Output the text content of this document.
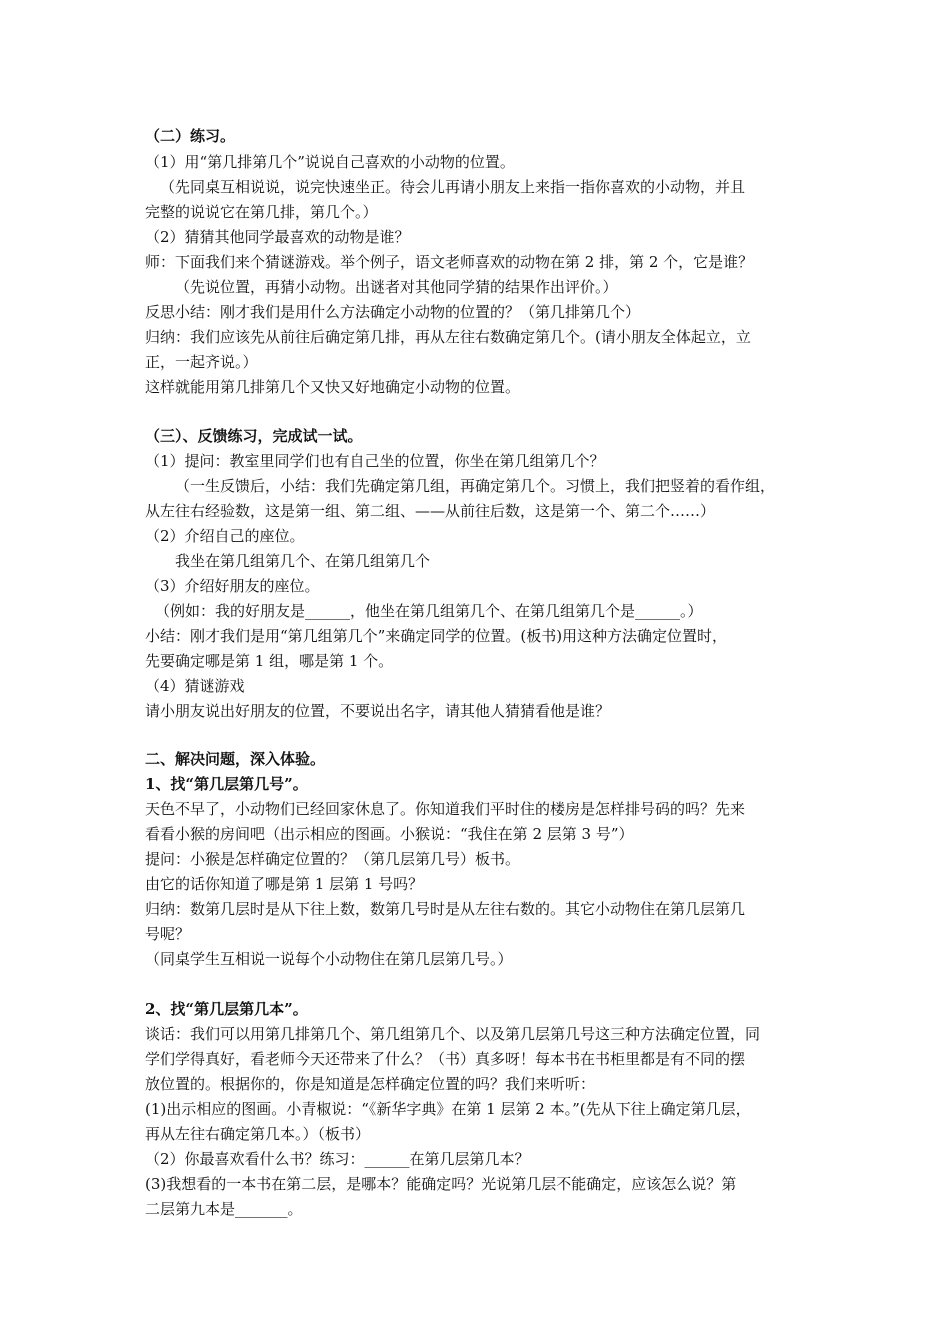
（二）练习。
（1）用“第几排第几个”说说自己喜欢的小动物的位置。
（先同桌互相说说，说完快速坐正。待会儿再请小朋友上来指一指你喜欢的小动物，并且
完整的说说它在第几排，第几个。）
（2）猜猜其他同学最喜欢的动物是谁？
师：下面我们来个猜谜游戏。举个例子，语文老师喜欢的动物在第 2 排，第 2 个，它是谁？
（先说位置，再猜小动物。出谜者对其他同学猜的结果作出评价。）
反思小结：刚才我们是用什么方法确定小动物的位置的？（第几排第几个）
归纳：我们应该先从前往后确定第几排，再从左往右数确定第几个。(请小朋友全体起立，立
正，一起齐说。）
这样就能用第几排第几个又快又好地确定小动物的位置。
（三）、反馈练习，完成试一试。
（1）提问：教室里同学们也有自己坐的位置，你坐在第几组第几个？
（一生反馈后，小结：我们先确定第几组，再确定第几个。习惯上，我们把竖着的看作组，
从左往右经验数，这是第一组、第二组、——从前往后数，这是第一个、第二个……）
（2）介绍自己的座位。
我坐在第几组第几个、在第几组第几个
（3）介绍好朋友的座位。
（例如：我的好朋友是______，他坐在第几组第几个、在第几组第几个是______。）
小结：刚才我们是用“第几组第几个”来确定同学的位置。(板书)用这种方法确定位置时，
先要确定哪是第 1 组，哪是第 1 个。
（4）猜谜游戏
请小朋友说出好朋友的位置，不要说出名字，请其他人猜猜看他是谁？
二、解决问题，深入体验。
1、找“第几层第几号”。
天色不早了，小动物们已经回家休息了。你知道我们平时住的楼房是怎样排号码的吗？先来
看看小猴的房间吧（出示相应的图画。小猴说：“我住在第 2 层第 3 号”）
提问：小猴是怎样确定位置的？（第几层第几号）板书。
由它的话你知道了哪是第 1 层第 1 号吗？
归纳：数第几层时是从下往上数，数第几号时是从左往右数的。其它小动物住在第几层第几
号呢？
（同桌学生互相说一说每个小动物住在第几层第几号。）
2、找“第几层第几本”。
谈话：我们可以用第几排第几个、第几组第几个、以及第几层第几号这三种方法确定位置，同
学们学得真好，看老师今天还带来了什么？（书）真多呀！每本书在书柜里都是有不同的摆
放位置的。根据你的，你是知道是怎样确定位置的吗？我们来听听：
(1)出示相应的图画。小青椒说：“《新华字典》在第 1 层第 2 本。”(先从下往上确定第几层，
再从左往右确定第几本。）（板书）
（2）你最喜欢看什么书？练习：______在第几层第几本？
(3)我想看的一本书在第二层，是哪本？能确定吗？光说第几层不能确定，应该怎么说？第
二层第九本是_______。
